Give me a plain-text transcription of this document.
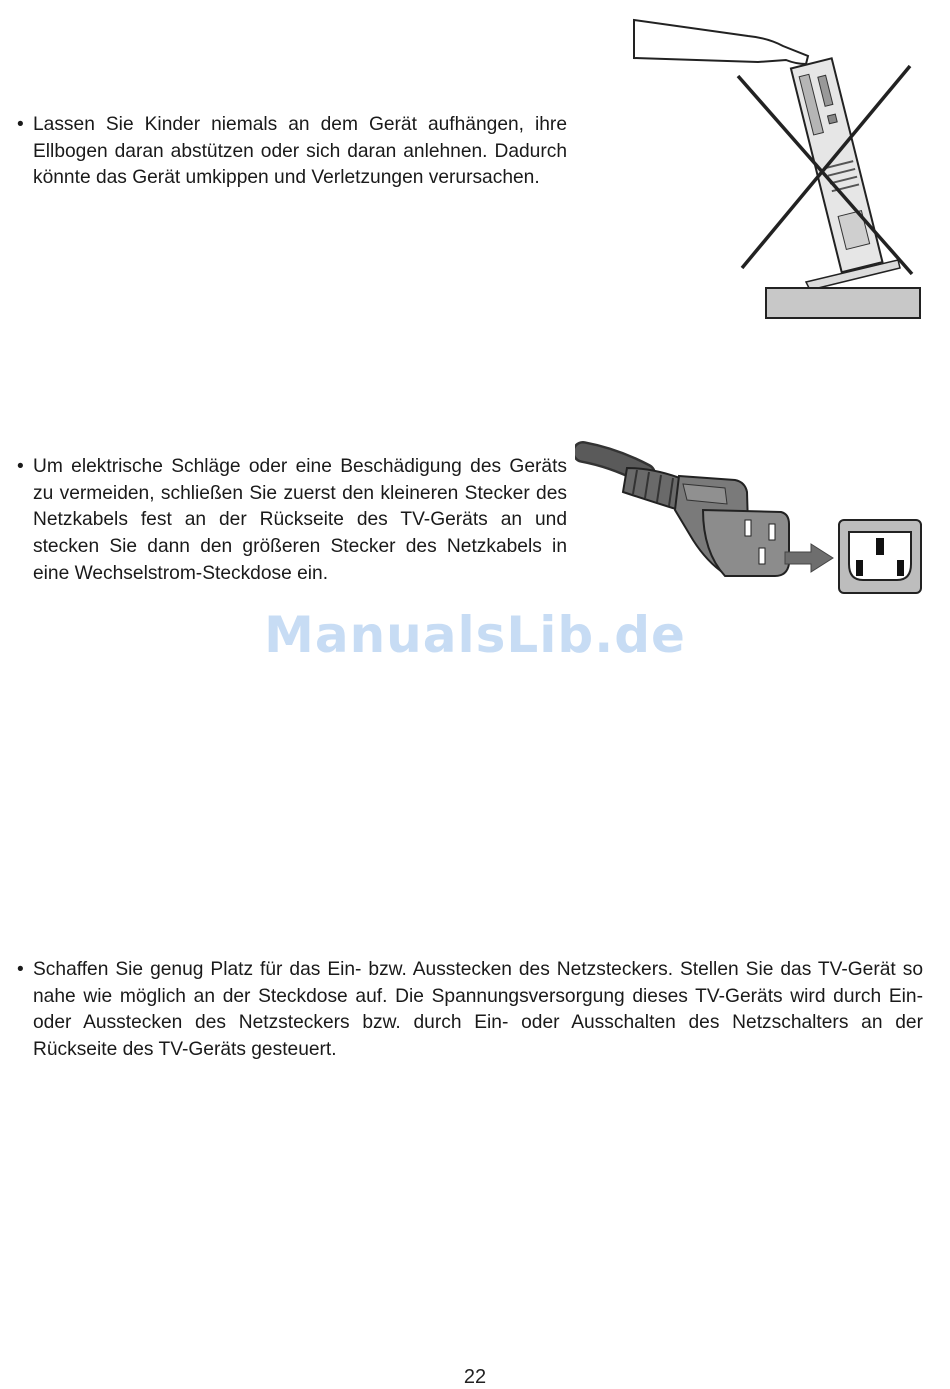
• Lassen Sie Kinder niemals an dem Gerät aufhängen, ihre Ellbogen daran abstützen oder sich daran anlehnen. Dadurch könnte das Gerät umkippen und Verletzungen verursachen.
• Um elektrische Schläge oder eine Beschädigung des Geräts zu vermeiden, schließen Sie zuerst den kleineren Stecker des Netzkabels fest an der Rückseite des TV-Geräts an und stecken Sie dann den größeren Stecker des Netzkabels in eine Wechselstrom-Steckdose ein.
ManualsLib.de
• Schaffen Sie genug Platz für das Ein- bzw. Ausstecken des Netzsteckers. Stellen Sie das TV-Gerät so nahe wie möglich an der Steckdose auf. Die Spannungsversorgung dieses TV-Geräts wird durch Ein- oder Ausstecken des Netzsteckers bzw. durch Ein- oder Ausschalten des Netzschalters an der Rückseite des TV-Geräts gesteuert.
22
